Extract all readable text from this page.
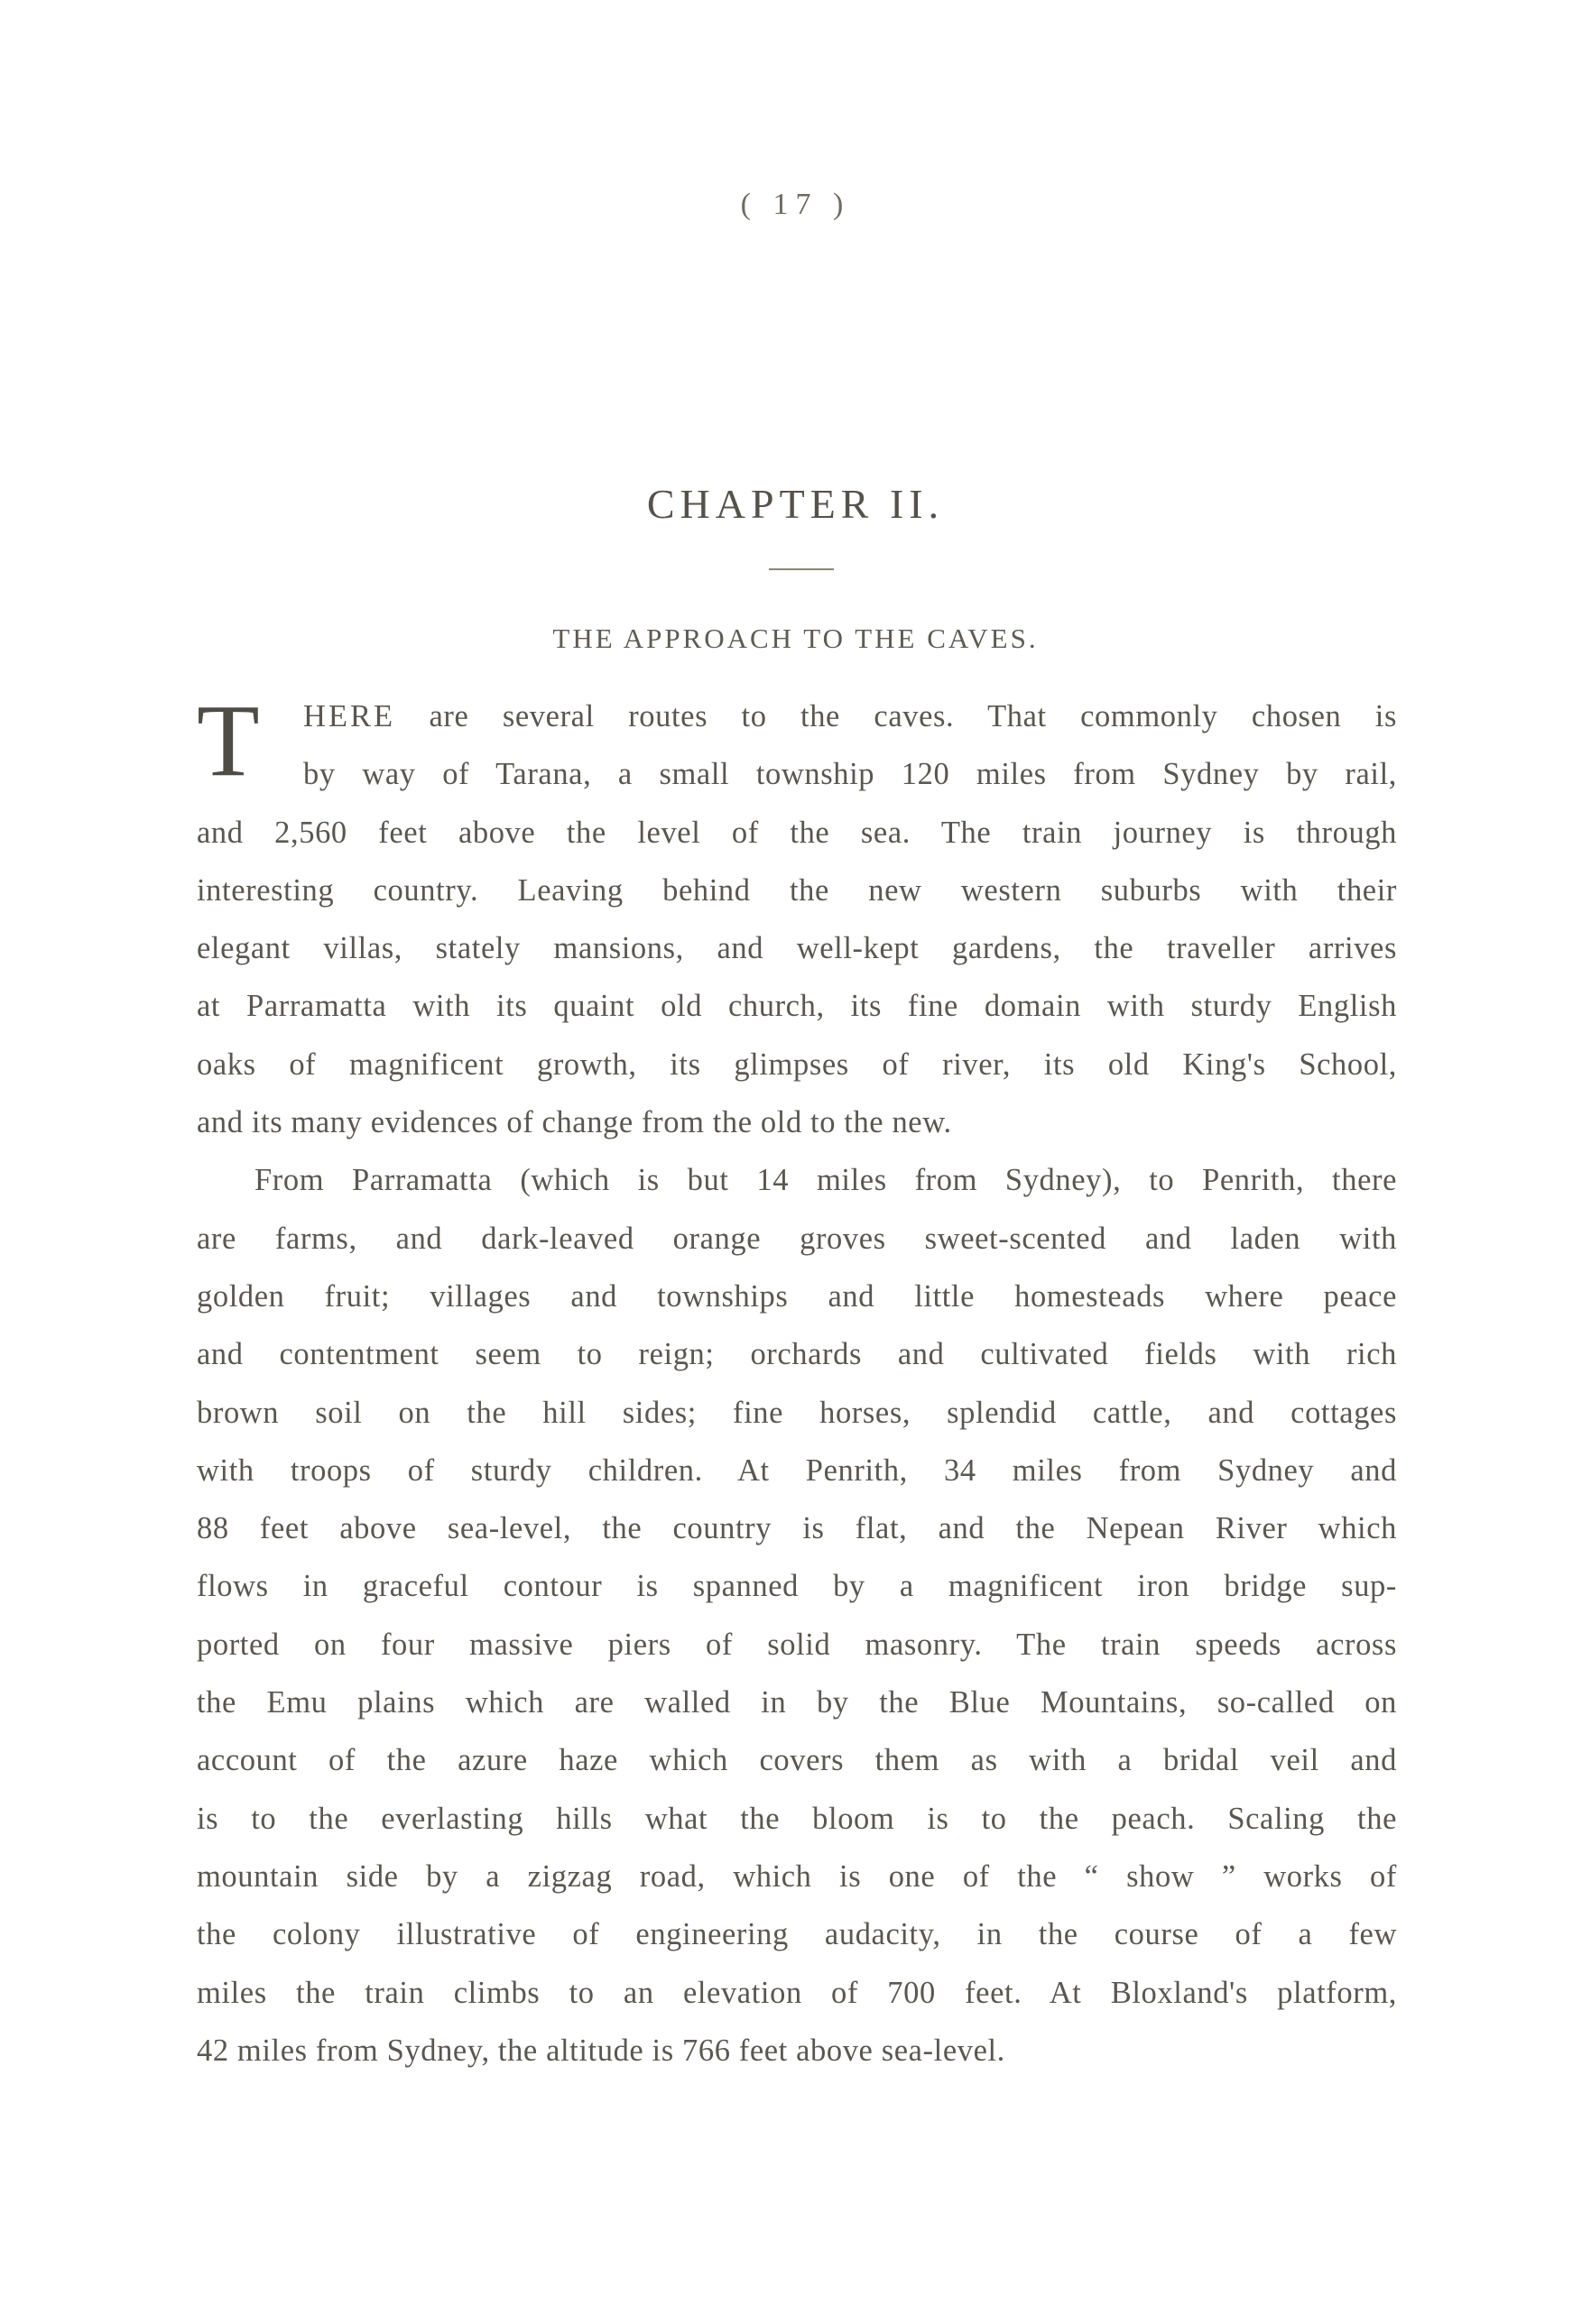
( 17 )
CHAPTER II.
THE APPROACH TO THE CAVES.
T	HERE are several routes to the caves. That commonly chosen is
by way of Tarana, a small township 120 miles from Sydney by rail,
and 2,560 feet above the level of the sea. The train journey is through
interesting country. Leaving behind the new western suburbs with their
elegant villas, stately mansions, and well-kept gardens, the traveller arrives
at Parramatta with its quaint old church, its fine domain with sturdy English
oaks of magnificent growth, its glimpses of river, its old King's School,
and its many evidences of change from the old to the new.
From Parramatta (which is but 14 miles from Sydney), to Penrith, there
are farms, and dark-leaved orange groves sweet-scented and laden with
golden fruit; villages and townships and little homesteads where peace
and contentment seem to reign; orchards and cultivated fields with rich
brown soil on the hill sides; fine horses, splendid cattle, and cottages
with troops of sturdy children. At Penrith, 34 miles from Sydney and
88 feet above sea-level, the country is flat, and the Nepean River which
flows in graceful contour is spanned by a magnificent iron bridge sup-
ported on four massive piers of solid masonry. The train speeds across
the Emu plains which are walled in by the Blue Mountains, so-called on
account of the azure haze which covers them as with a bridal veil and
is to the everlasting hills what the bloom is to the peach. Scaling the
mountain side by a zigzag road, which is one of the “ show ” works of
the colony illustrative of engineering audacity, in the course of a few
miles the train climbs to an elevation of 700 feet. At Bloxland's platform,
42 miles from Sydney, the altitude is 766 feet above sea-level.
